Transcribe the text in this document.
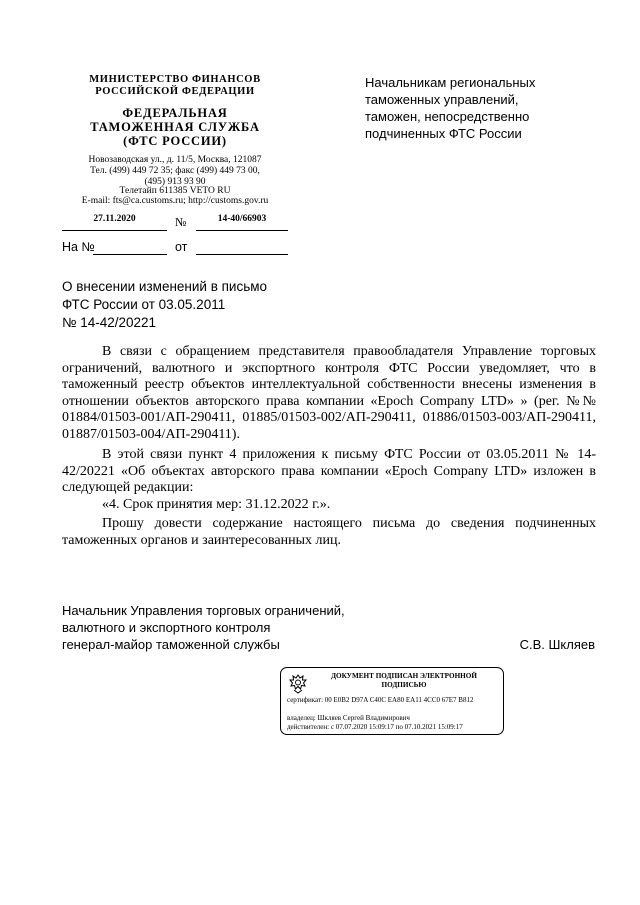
МИНИСТЕРСТВО ФИНАНСОВ
РОССИЙСКОЙ ФЕДЕРАЦИИ
ФЕДЕРАЛЬНАЯ
ТАМОЖЕННАЯ СЛУЖБА
(ФТС РОССИИ)
Новозаводская ул., д. 11/5, Москва, 121087
Тел. (499) 449 72 35; факс (499) 449 73 00,
(495) 913 93 90
Телетайп 611385 VETO RU
E-mail: fts@ca.customs.ru; http://customs.gov.ru
27.11.2020	№	14-40/66903
На №	от
Начальникам региональных
таможенных управлений,
таможен, непосредственно
подчиненных ФТС России
О внесении изменений в письмо
ФТС России от 03.05.2011
№ 14-42/20221
В связи с обращением представителя правообладателя Управление торговых ограничений, валютного и экспортного контроля ФТС России уведомляет, что в таможенный реестр объектов интеллектуальной собственности внесены изменения в отношении объектов авторского права компании «Epoch Company LTD» » (рег. №№ 01884/01503-001/АП-290411, 01885/01503-002/АП-290411, 01886/01503-003/АП-290411, 01887/01503-004/АП-290411).
В этой связи пункт 4 приложения к письму ФТС России от 03.05.2011 № 14-42/20221 «Об объектах авторского права компании «Epoch Company LTD» изложен в следующей редакции:
«4. Срок принятия мер: 31.12.2022 г.».
Прошу довести содержание настоящего письма до сведения подчиненных таможенных органов и заинтересованных лиц.
Начальник Управления торговых ограничений,
валютного и экспортного контроля
генерал-майор таможенной службы	С.В. Шкляев
ДОКУМЕНТ ПОДПИСАН ЭЛЕКТРОННОЙ
ПОДПИСЬЮ
сертификат: 00 E0B2 D97A C40C EA80 EA11 4CC0 67E7 B812
владелец: Шкляев Сергей Владимирович
действителен: с 07.07.2020 15:09:17 по 07.10.2021 15:09:17
